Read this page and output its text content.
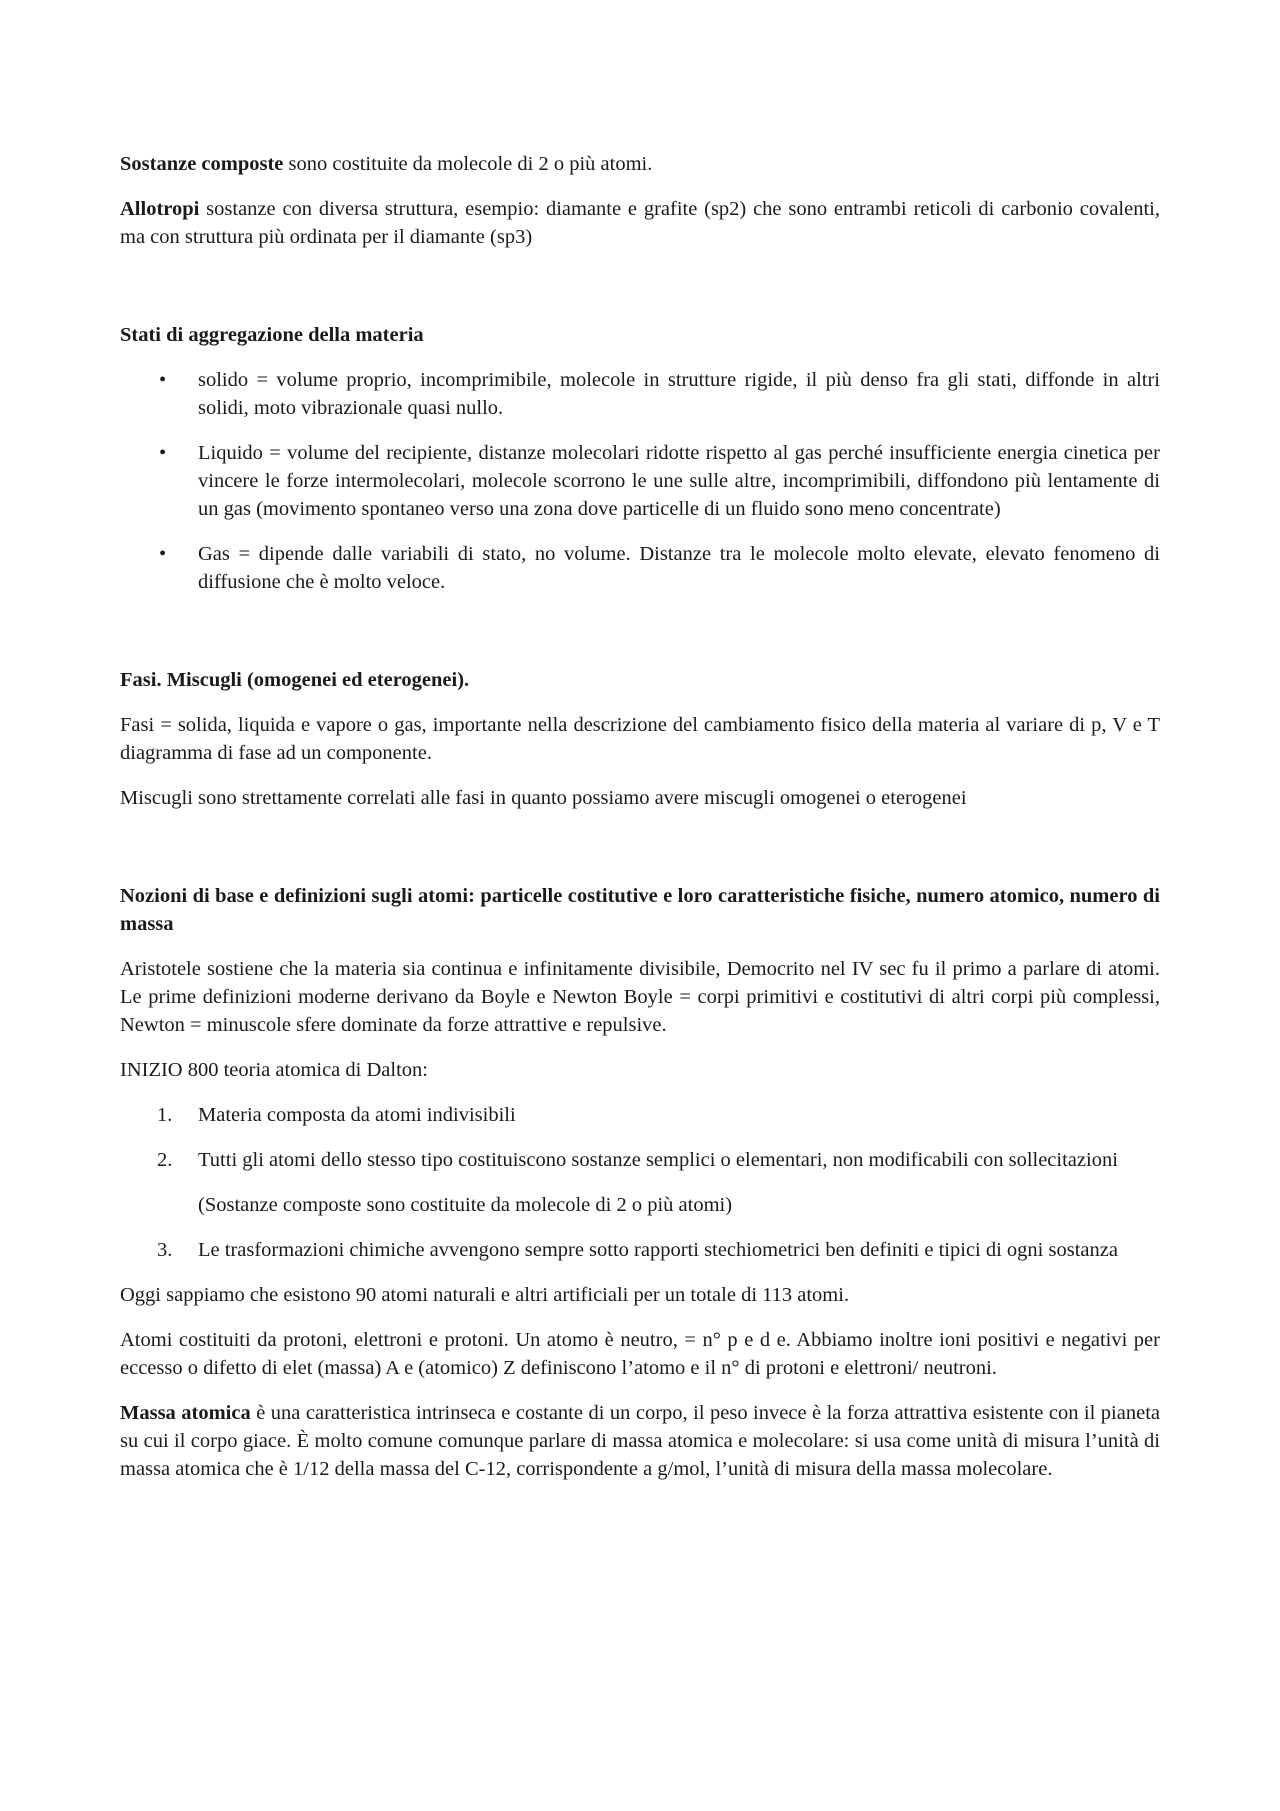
Sostanze composte sono costituite da molecole di 2 o più atomi.

Allotropi sostanze con diversa struttura, esempio: diamante e grafite (sp2) che sono entrambi reticoli di carbonio covalenti, ma con struttura più ordinata per il diamante (sp3)

Stati di aggregazione della materia
•	solido = volume proprio, incomprimibile, molecole in strutture rigide, il più denso fra gli stati, diffonde in altri solidi, moto vibrazionale quasi nullo.
•	Liquido = volume del recipiente, distanze molecolari ridotte rispetto al gas perché insufficiente energia cinetica per vincere le forze intermolecolari, molecole scorrono le une sulle altre, incomprimibili, diffondono più lentamente di un gas (movimento spontaneo verso una zona dove particelle di un fluido sono meno concentrate)
•	Gas = dipende dalle variabili di stato, no volume. Distanze tra le molecole molto elevate, elevato fenomeno di diffusione che è molto veloce.
Fasi. Miscugli (omogenei ed eterogenei).

Fasi = solida, liquida e vapore o gas, importante nella descrizione del cambiamento fisico della materia al variare di p, V e T diagramma di fase ad un componente.

Miscugli sono strettamente correlati alle fasi in quanto possiamo avere miscugli omogenei o eterogenei

Nozioni di base e definizioni sugli atomi: particelle costitutive e loro caratteristiche fisiche, numero atomico, numero di massa

Aristotele sostiene che la materia sia continua e infinitamente divisibile, Democrito nel IV sec fu il primo a parlare di atomi. Le prime definizioni moderne derivano da Boyle e Newton Boyle = corpi primitivi e costitutivi di altri corpi più complessi, Newton = minuscole sfere dominate da forze attrattive e repulsive.

INIZIO 800 teoria atomica di Dalton:

1.	Materia composta da atomi indivisibili
2.	Tutti gli atomi dello stesso tipo costituiscono sostanze semplici o elementari, non modificabili con sollecitazioni
(Sostanze composte sono costituite da molecole di 2 o più atomi)
3.	Le trasformazioni chimiche avvengono sempre sotto rapporti stechiometrici ben definiti e tipici di ogni sostanza

Oggi sappiamo che esistono 90 atomi naturali e altri artificiali per un totale di 113 atomi.

Atomi costituiti da protoni, elettroni e protoni. Un atomo è neutro, = n° p e d e. Abbiamo inoltre ioni positivi e negativi per eccesso o difetto di elet (massa) A e (atomico) Z definiscono l’atomo e il n° di protoni e elettroni/ neutroni.

Massa atomica è una caratteristica intrinseca e costante di un corpo, il peso invece è la forza attrattiva esistente con il pianeta su cui il corpo giace. È molto comune comunque parlare di massa atomica e molecolare: si usa come unità di misura l’unità di massa atomica che è 1/12 della massa del C-12, corrispondente a g/mol, l’unità di misura della massa molecolare.
